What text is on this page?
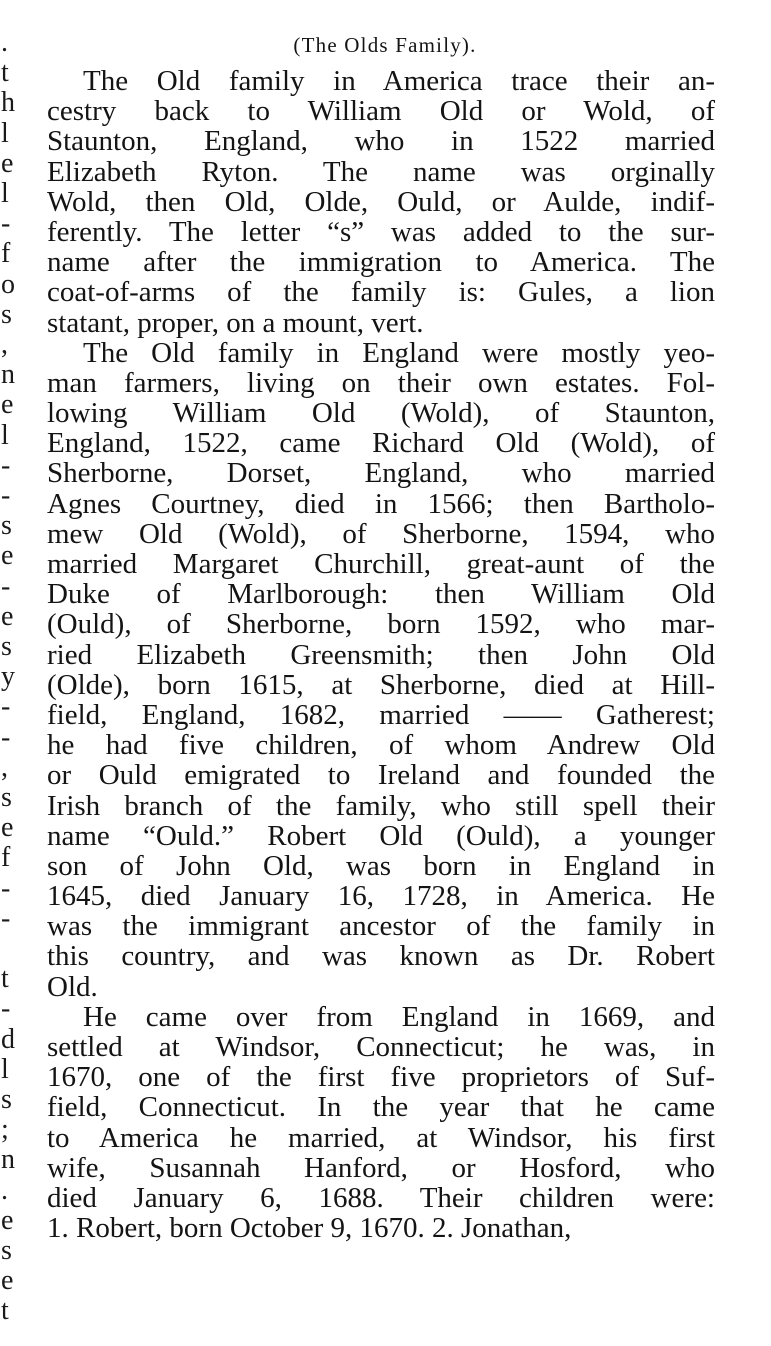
.
t
h
l
e
l
-
f
o
s
,
n
e
l
-
-
s
e
-
e
s
y
-
-
,
s
e
f
-
-
t
-
d
l
s
;
n
.
e
s
e
t
(The Olds Family).
The Old family in America trace their an-
cestry back to William Old or Wold, of
Staunton, England, who in 1522 married
Elizabeth Ryton. The name was orginally
Wold, then Old, Olde, Ould, or Aulde, indif-
ferently. The letter “s” was added to the sur-
name after the immigration to America. The
coat-of-arms of the family is: Gules, a lion
statant, proper, on a mount, vert.
The Old family in England were mostly yeo-
man farmers, living on their own estates. Fol-
lowing William Old (Wold), of Staunton,
England, 1522, came Richard Old (Wold), of
Sherborne, Dorset, England, who married
Agnes Courtney, died in 1566; then Bartholo-
mew Old (Wold), of Sherborne, 1594, who
married Margaret Churchill, great-aunt of the
Duke of Marlborough: then William Old
(Ould), of Sherborne, born 1592, who mar-
ried Elizabeth Greensmith; then John Old
(Olde), born 1615, at Sherborne, died at Hill-
field, England, 1682, married —— Gatherest;
he had five children, of whom Andrew Old
or Ould emigrated to Ireland and founded the
Irish branch of the family, who still spell their
name “Ould.” Robert Old (Ould), a younger
son of John Old, was born in England in
1645, died January 16, 1728, in America. He
was the immigrant ancestor of the family in
this country, and was known as Dr. Robert
Old.
He came over from England in 1669, and
settled at Windsor, Connecticut; he was, in
1670, one of the first five proprietors of Suf-
field, Connecticut. In the year that he came
to America he married, at Windsor, his first
wife, Susannah Hanford, or Hosford, who
died January 6, 1688. Their children were:
1. Robert, born October 9, 1670. 2. Jonathan,
